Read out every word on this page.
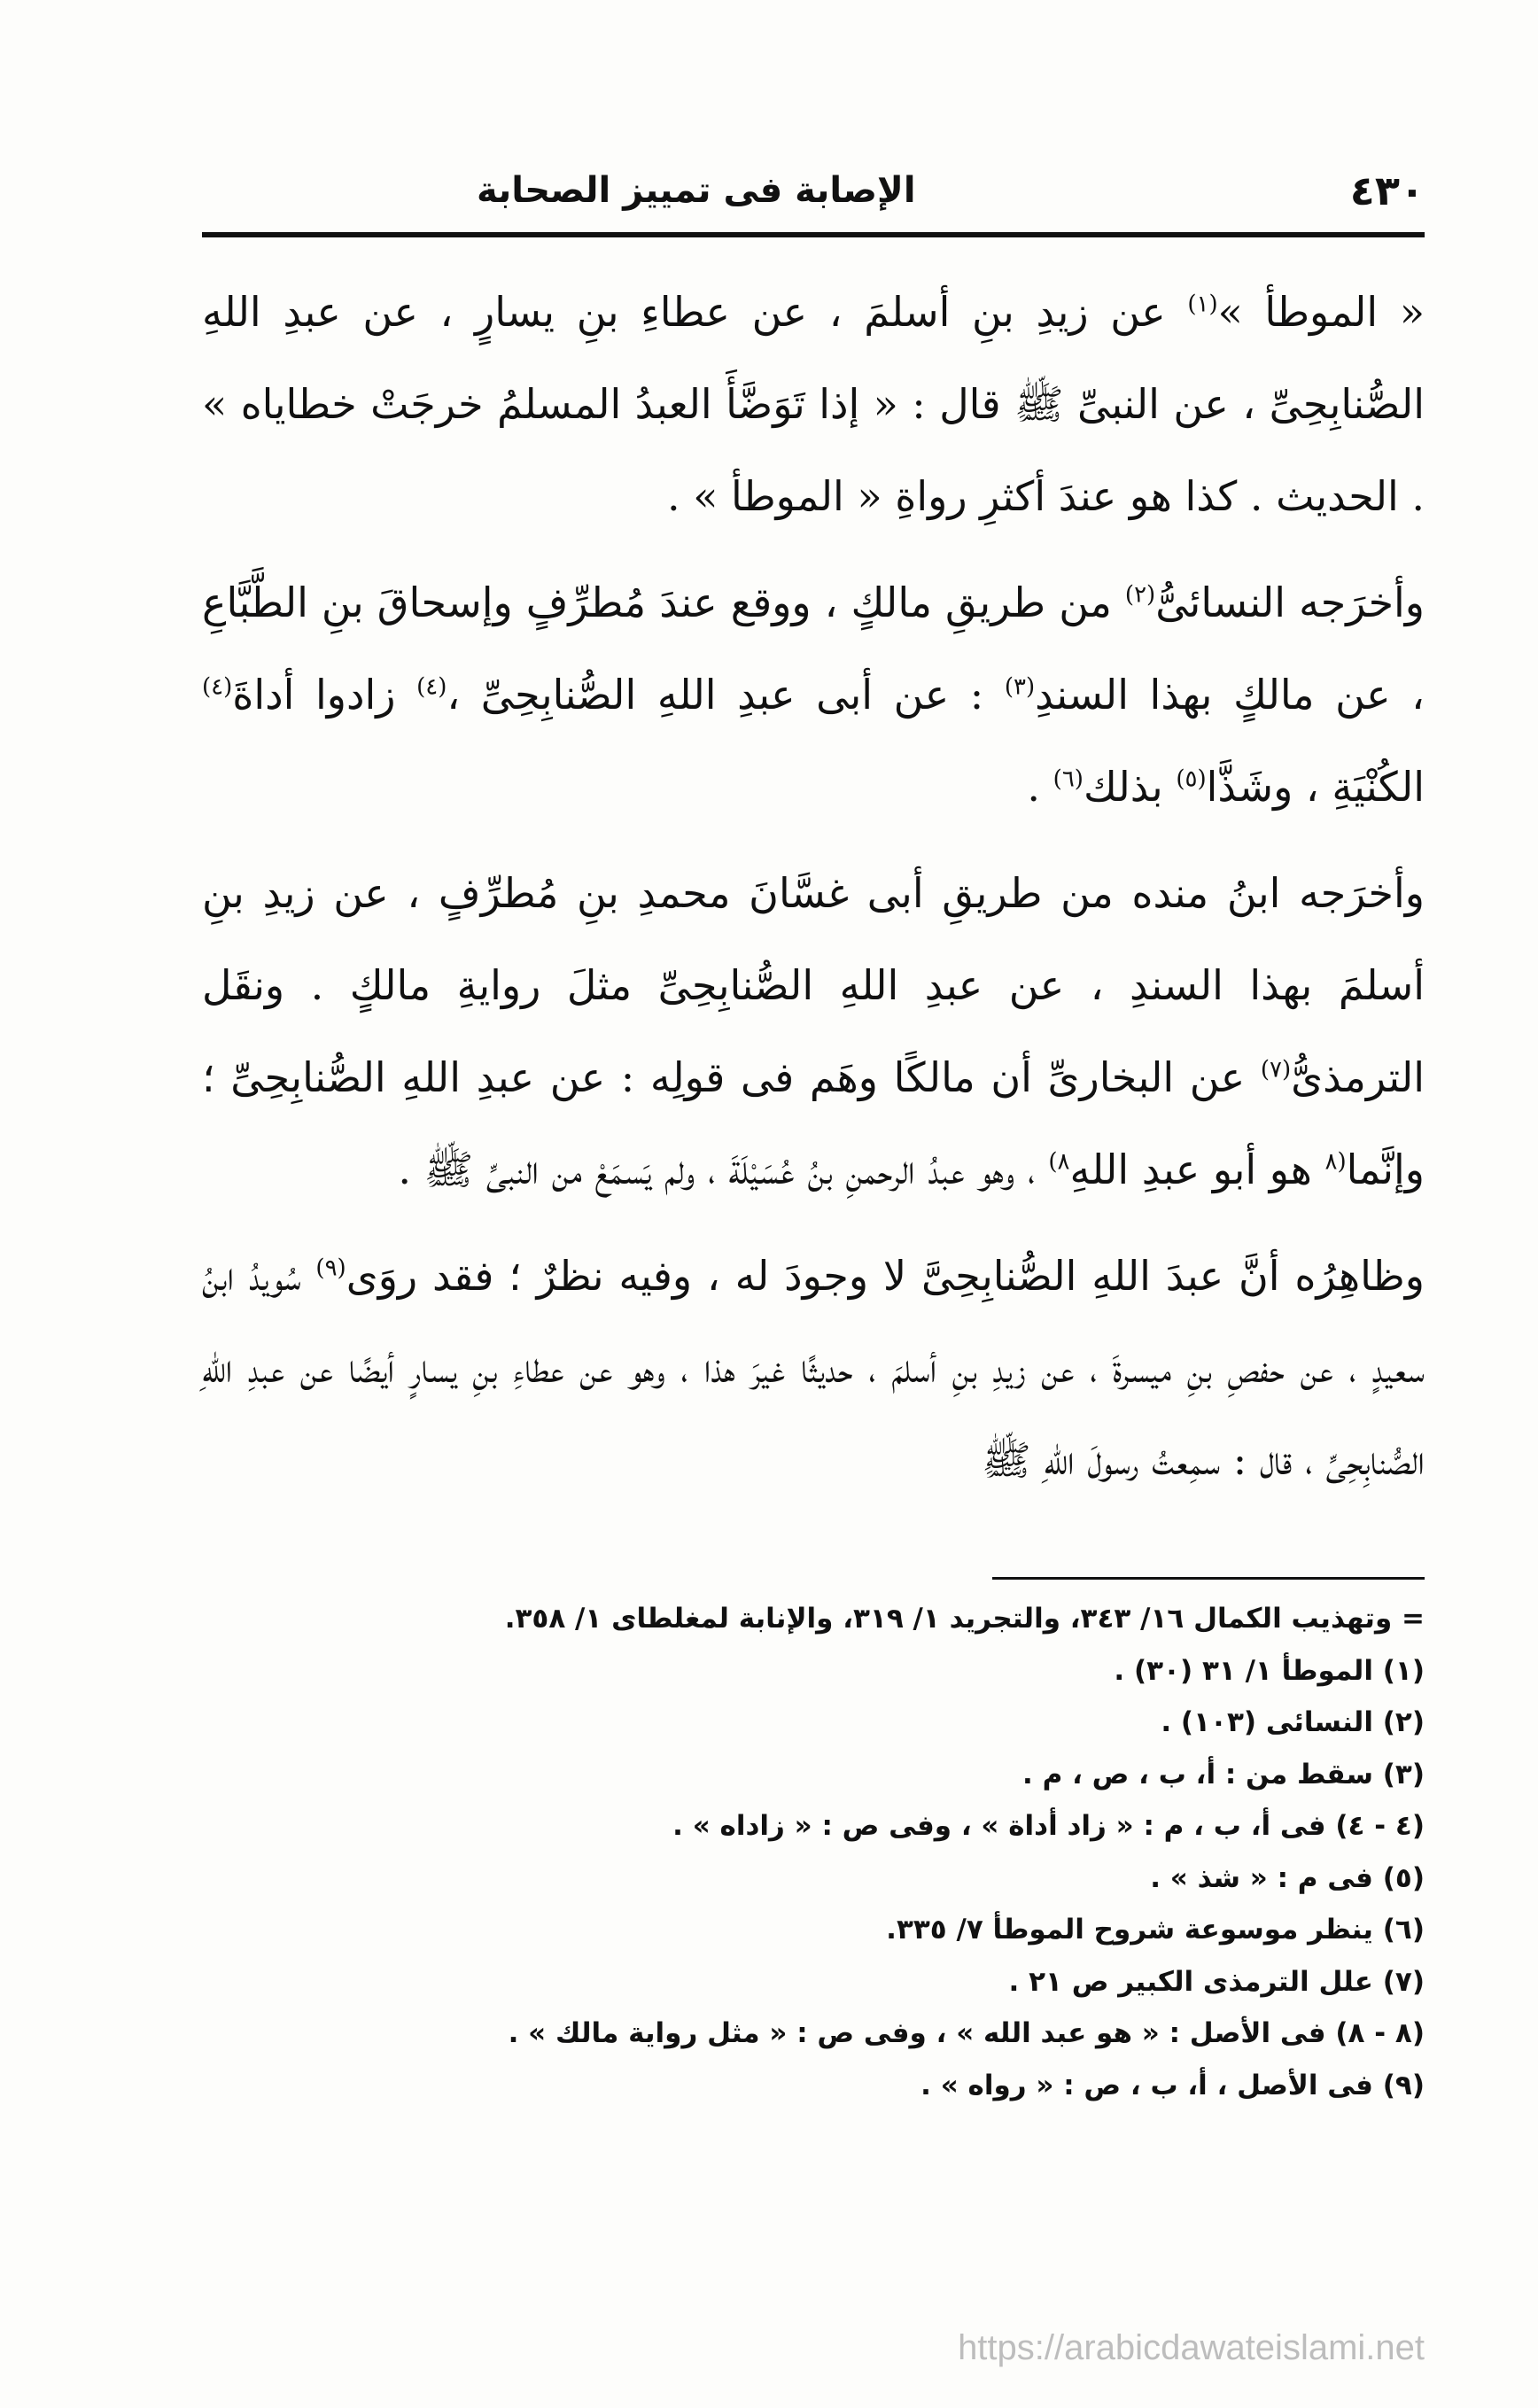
٤٣٠
الإصابة فى تمييز الصحابة

« الموطأ »$^{(١)}$ عن زيدِ بنِ أسلمَ ، عن عطاءِ بنِ يسارٍ ، عن عبدِ اللهِ الصُّنابِحِىِّ ، عن النبىِّ ﷺ قال : « إذا تَوَضَّأَ العبدُ المسلمُ خرجَتْ خطاياه » . الحديث . كذا هو عندَ أكثرِ رواةِ « الموطأ » .

وأخرَجه النسائىُّ$^{(٢)}$ من طريقِ مالكٍ ، ووقع عندَ مُطرِّفٍ وإسحاقَ بنِ الطَّبَّاعِ ، عن مالكٍ بهذا السندِ$^{(٣)}$ : عن أبى عبدِ اللهِ الصُّنابِحِىِّ ،$^{(٤)}$ زادوا أداةَ$^{(٤)}$ الكُنْيَةِ ، وشَذَّا$^{(٥)}$ بذلك$^{(٦)}$ .

وأخرَجه ابنُ منده من طريقِ أبى غسَّانَ محمدِ بنِ مُطرِّفٍ ، عن زيدِ بنِ أسلمَ بهذا السندِ ، عن عبدِ اللهِ الصُّنابِحِىِّ مثلَ روايةِ مالكٍ . ونقَل الترمذىُّ$^{(٧)}$ عن البخارىِّ أن مالكًا وهَم فى قولِه : عن عبدِ اللهِ الصُّنابِحِىِّ ؛ وإنَّما$^{(٨}$ هو أبو عبدِ اللهِ$^{٨)}$ ، وهو عبدُ الرحمنِ بنُ عُسَيْلَةَ ، ولم يَسمَعْ من النبىِّ ﷺ .

وظاهِرُه أنَّ عبدَ اللهِ الصُّنابِحِىَّ لا وجودَ له ، وفيه نظرٌ ؛ فقد روَى$^{(٩)}$ سُويدُ ابنُ سعيدٍ ، عن حفصِ بنِ ميسرةَ ، عن زيدِ بنِ أسلمَ ، حديثًا غيرَ هذا ، وهو عن عطاءِ بنِ يسارٍ أيضًا عن عبدِ اللهِ الصُّنابِحِىِّ ، قال : سمِعتُ رسولَ اللهِ ﷺ

= وتهذيب الكمال ١٦/ ٣٤٣، والتجريد ١/ ٣١٩، والإنابة لمغلطاى ١/ ٣٥٨.
(١) الموطأ ١/ ٣١ (٣٠) .
(٢) النسائى (١٠٣) .
(٣) سقط من : أ، ب ، ص ، م .
(٤ - ٤) فى أ، ب ، م : « زاد أداة » ، وفى ص : « زاداه » .
(٥) فى م : « شذ » .
(٦) ينظر موسوعة شروح الموطأ ٧/ ٣٣٥.
(٧) علل الترمذى الكبير ص ٢١ .
(٨ - ٨) فى الأصل : « هو عبد الله » ، وفى ص : « مثل رواية مالك » .
(٩) فى الأصل ، أ، ب ، ص : « رواه » .
https://arabicdawateislami.net
